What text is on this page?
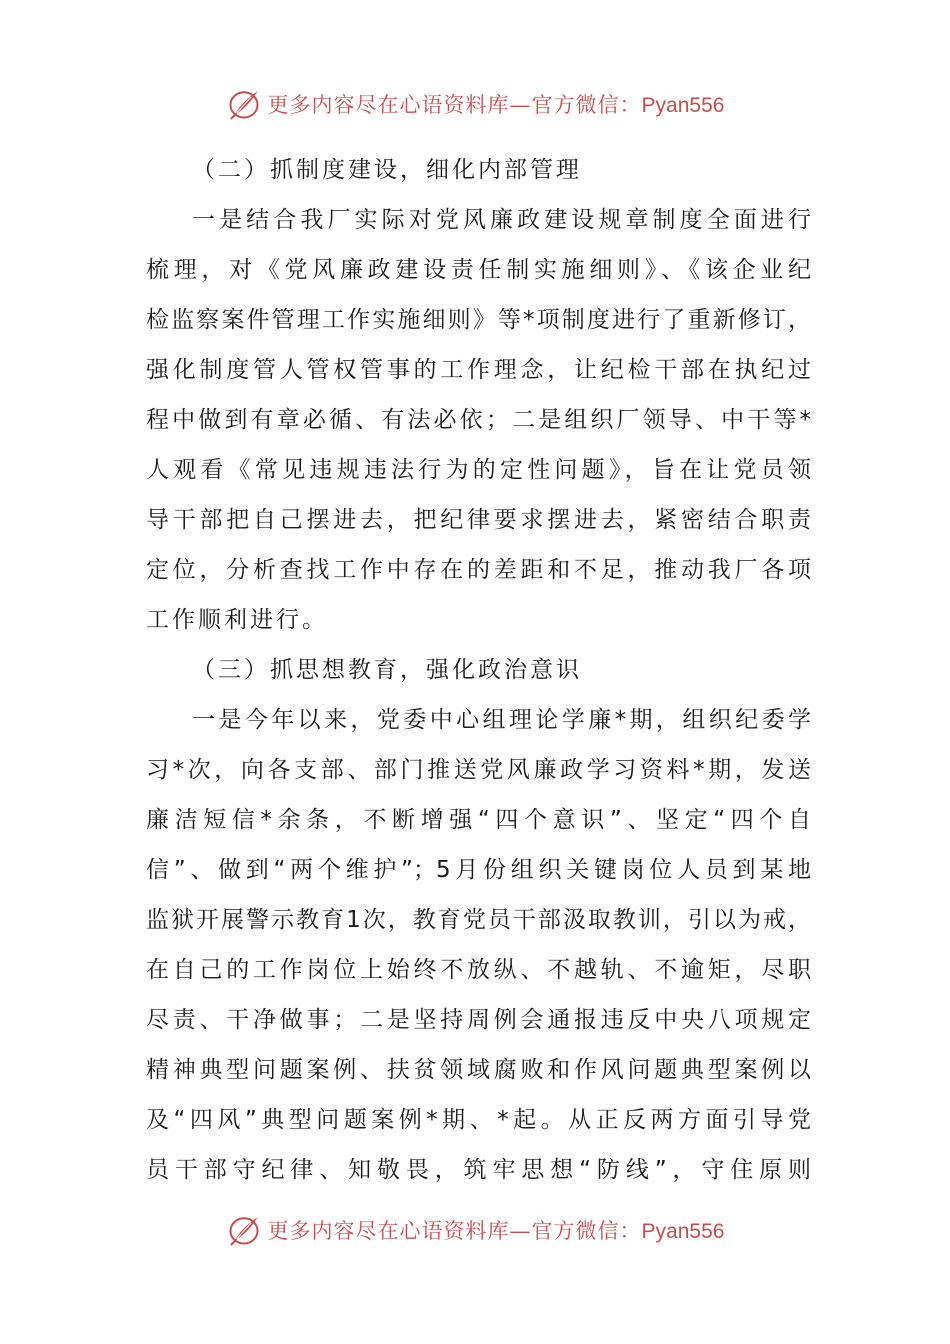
更多内容尽在心语资料库—官方微信：Pyan556
（二）抓制度建设，细化内部管理
一是结合我厂实际对党风廉政建设规章制度全面进行
梳理，对《党风廉政建设责任制实施细则》、《该企业纪
检监察案件管理工作实施细则》等*项制度进行了重新修订，
强化制度管人管权管事的工作理念，让纪检干部在执纪过
程中做到有章必循、有法必依；二是组织厂领导、中干等*
人观看《常见违规违法行为的定性问题》，旨在让党员领
导干部把自己摆进去，把纪律要求摆进去，紧密结合职责
定位，分析查找工作中存在的差距和不足，推动我厂各项
工作顺利进行。
（三）抓思想教育，强化政治意识
一是今年以来，党委中心组理论学廉*期，组织纪委学
习*次，向各支部、部门推送党风廉政学习资料*期，发送
廉洁短信*余条，不断增强“四个意识”、坚定“四个自
信”、做到“两个维护”；5月份组织关键岗位人员到某地
监狱开展警示教育1次，教育党员干部汲取教训，引以为戒，
在自己的工作岗位上始终不放纵、不越轨、不逾矩，尽职
尽责、干净做事；二是坚持周例会通报违反中央八项规定
精神典型问题案例、扶贫领域腐败和作风问题典型案例以
及“四风”典型问题案例*期、*起。从正反两方面引导党
员干部守纪律、知敬畏，筑牢思想“防线”，守住原则
更多内容尽在心语资料库—官方微信：Pyan556
